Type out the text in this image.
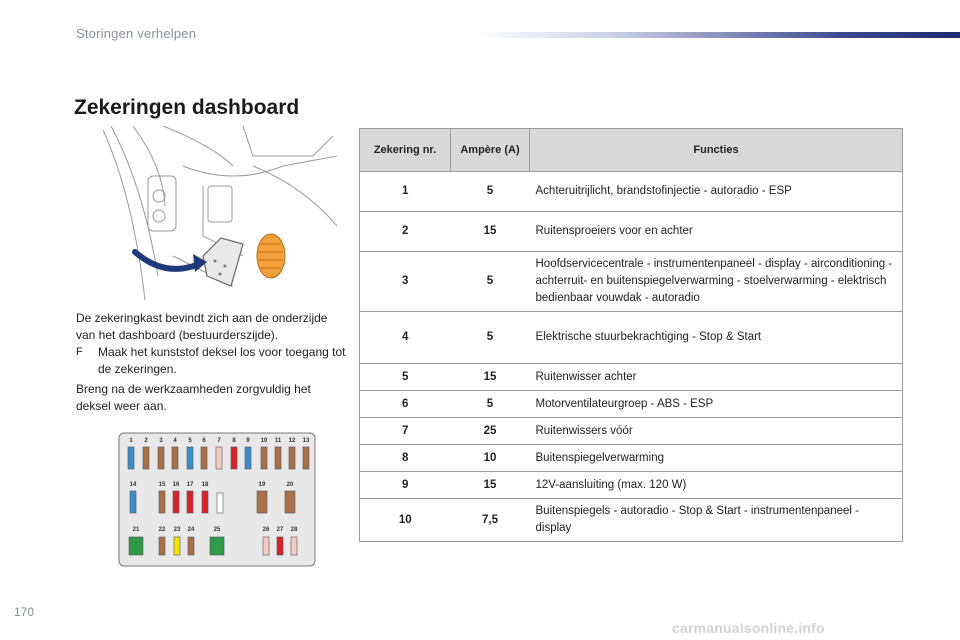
Storingen verhelpen
Zekeringen dashboard

De zekeringkast bevindt zich aan de onderzijde van het dashboard (bestuurderszijde).

F	Maak het kunststof deksel los voor toegang tot de zekeringen.

Breng na de werkzaamheden zorgvuldig het deksel weer aan.

1 2 3 4 5 6 7 8 9 10 11 12 13
14	15 16 17 18	19	20
21	22 23 24	25	26 27 28
Zekering nr.	Ampère (A)	Functies
1	5	Achteruitrijlicht, brandstofinjectie - autoradio - ESP
2	15	Ruitensproeiers voor en achter
3	5	Hoofdservicecentrale - instrumentenpaneel - display - airconditioning - achterruit- en buitenspiegelverwarming - stoelverwarming - elektrisch bedienbaar vouwdak - autoradio
4	5	Elektrische stuurbekrachtiging - Stop & Start
5	15	Ruitenwisser achter
6	5	Motorventilateurgroep - ABS - ESP
7	25	Ruitenwissers vóór
8	10	Buitenspiegelverwarming
9	15	12V-aansluiting (max. 120 W)
10	7,5	Buitenspiegels - autoradio - Stop & Start - instrumentenpaneel - display
170
carmanualsonline.info
